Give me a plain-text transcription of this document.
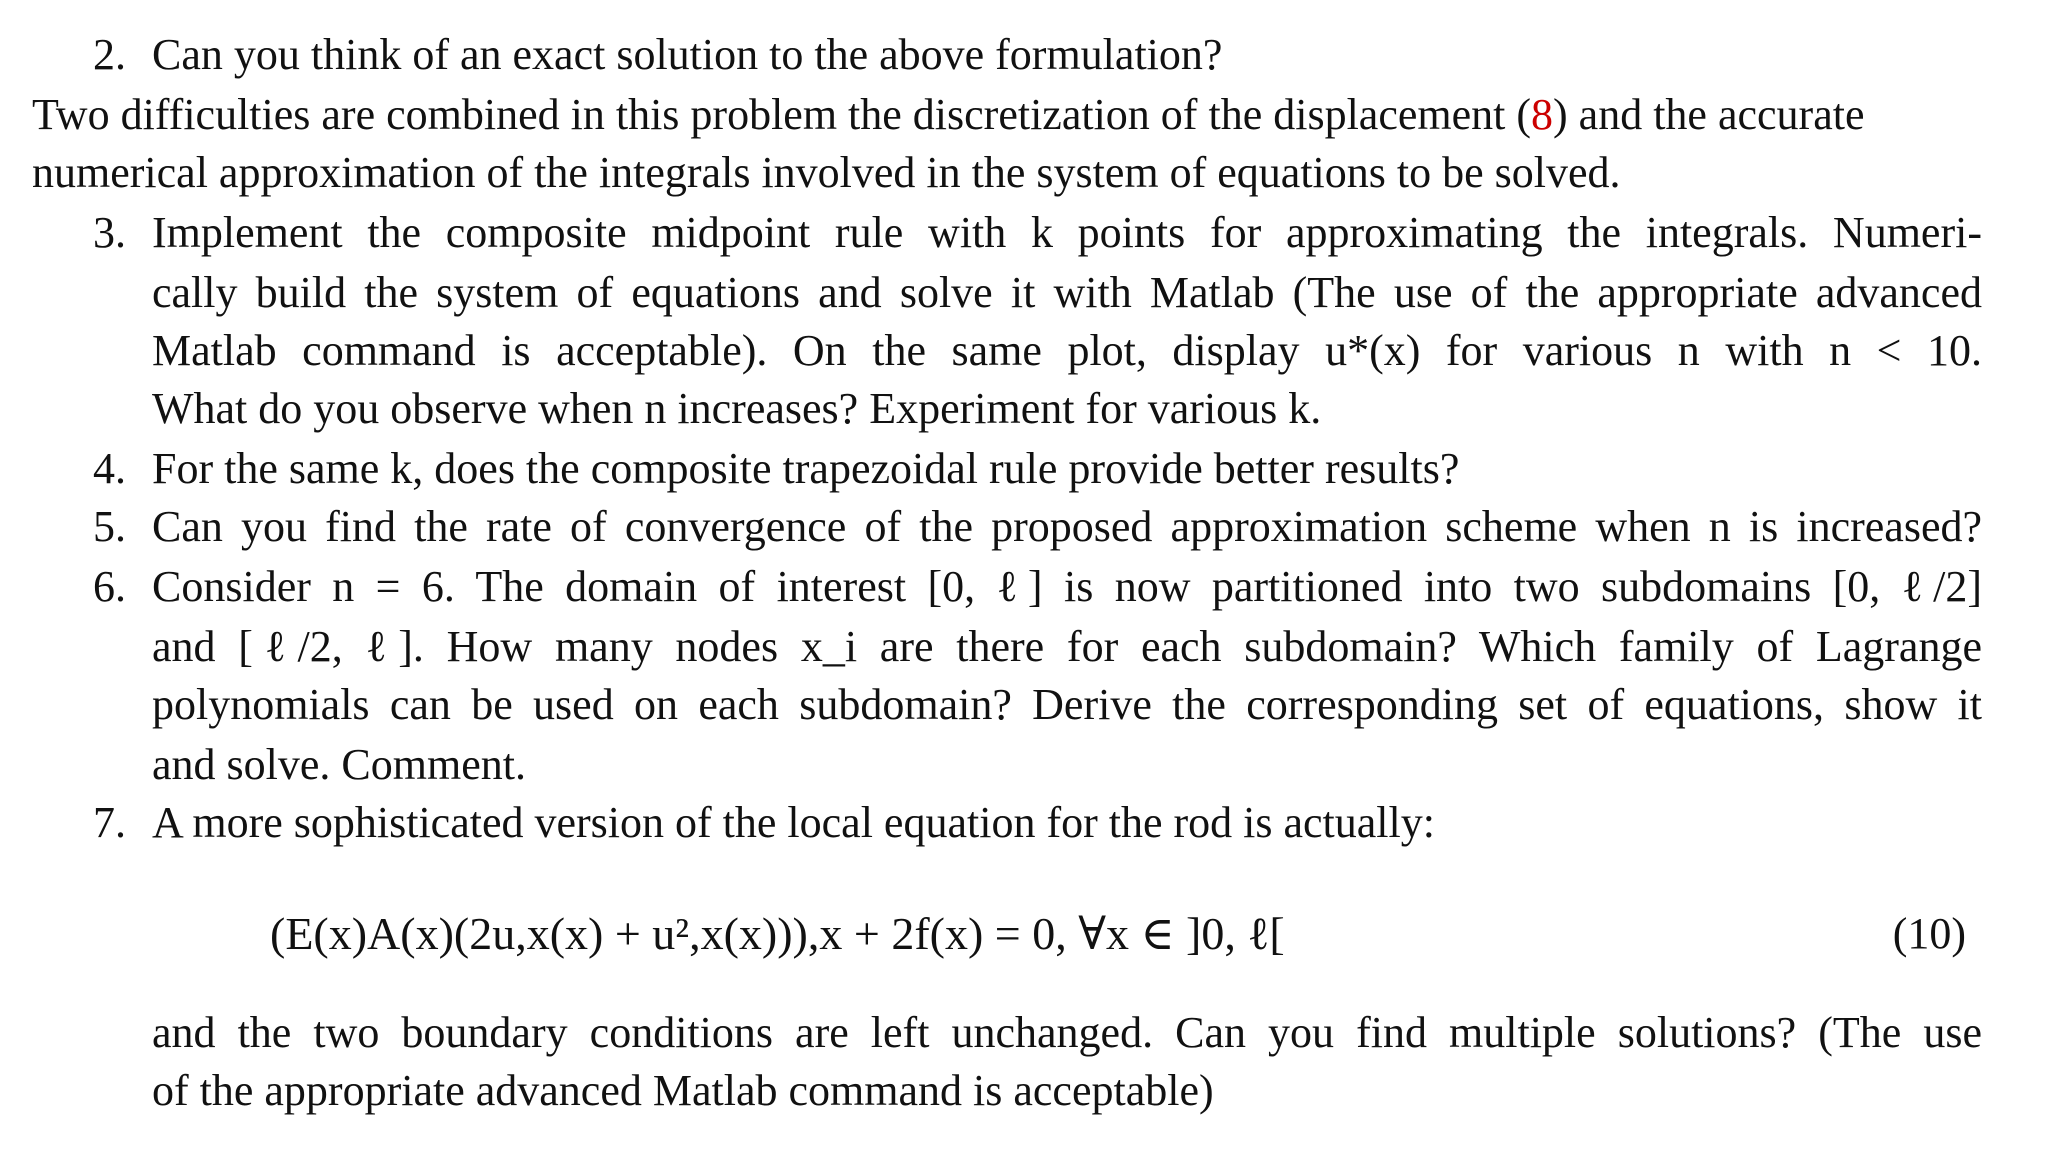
2. Can you think of an exact solution to the above formulation?
Two difficulties are combined in this problem the discretization of the displacement (8) and the accurate
numerical approximation of the integrals involved in the system of equations to be solved.
3. Implement the composite midpoint rule with k points for approximating the integrals. Numeri-
cally build the system of equations and solve it with Matlab (The use of the appropriate advanced
Matlab command is acceptable). On the same plot, display u*(x) for various n with n < 10.
What do you observe when n increases? Experiment for various k.
4. For the same k, does the composite trapezoidal rule provide better results?
5. Can you find the rate of convergence of the proposed approximation scheme when n is increased?
6. Consider n = 6. The domain of interest [0, ℓ] is now partitioned into two subdomains [0, ℓ/2]
and [ℓ/2, ℓ]. How many nodes x_i are there for each subdomain? Which family of Lagrange
polynomials can be used on each subdomain? Derive the corresponding set of equations, show it
and solve. Comment.
7. A more sophisticated version of the local equation for the rod is actually:
(E(x)A(x)(2u,x(x) + u²,x(x))),x + 2f(x) = 0, ∀x ∈ ]0, ℓ[	(10)
and the two boundary conditions are left unchanged. Can you find multiple solutions? (The use
of the appropriate advanced Matlab command is acceptable)
